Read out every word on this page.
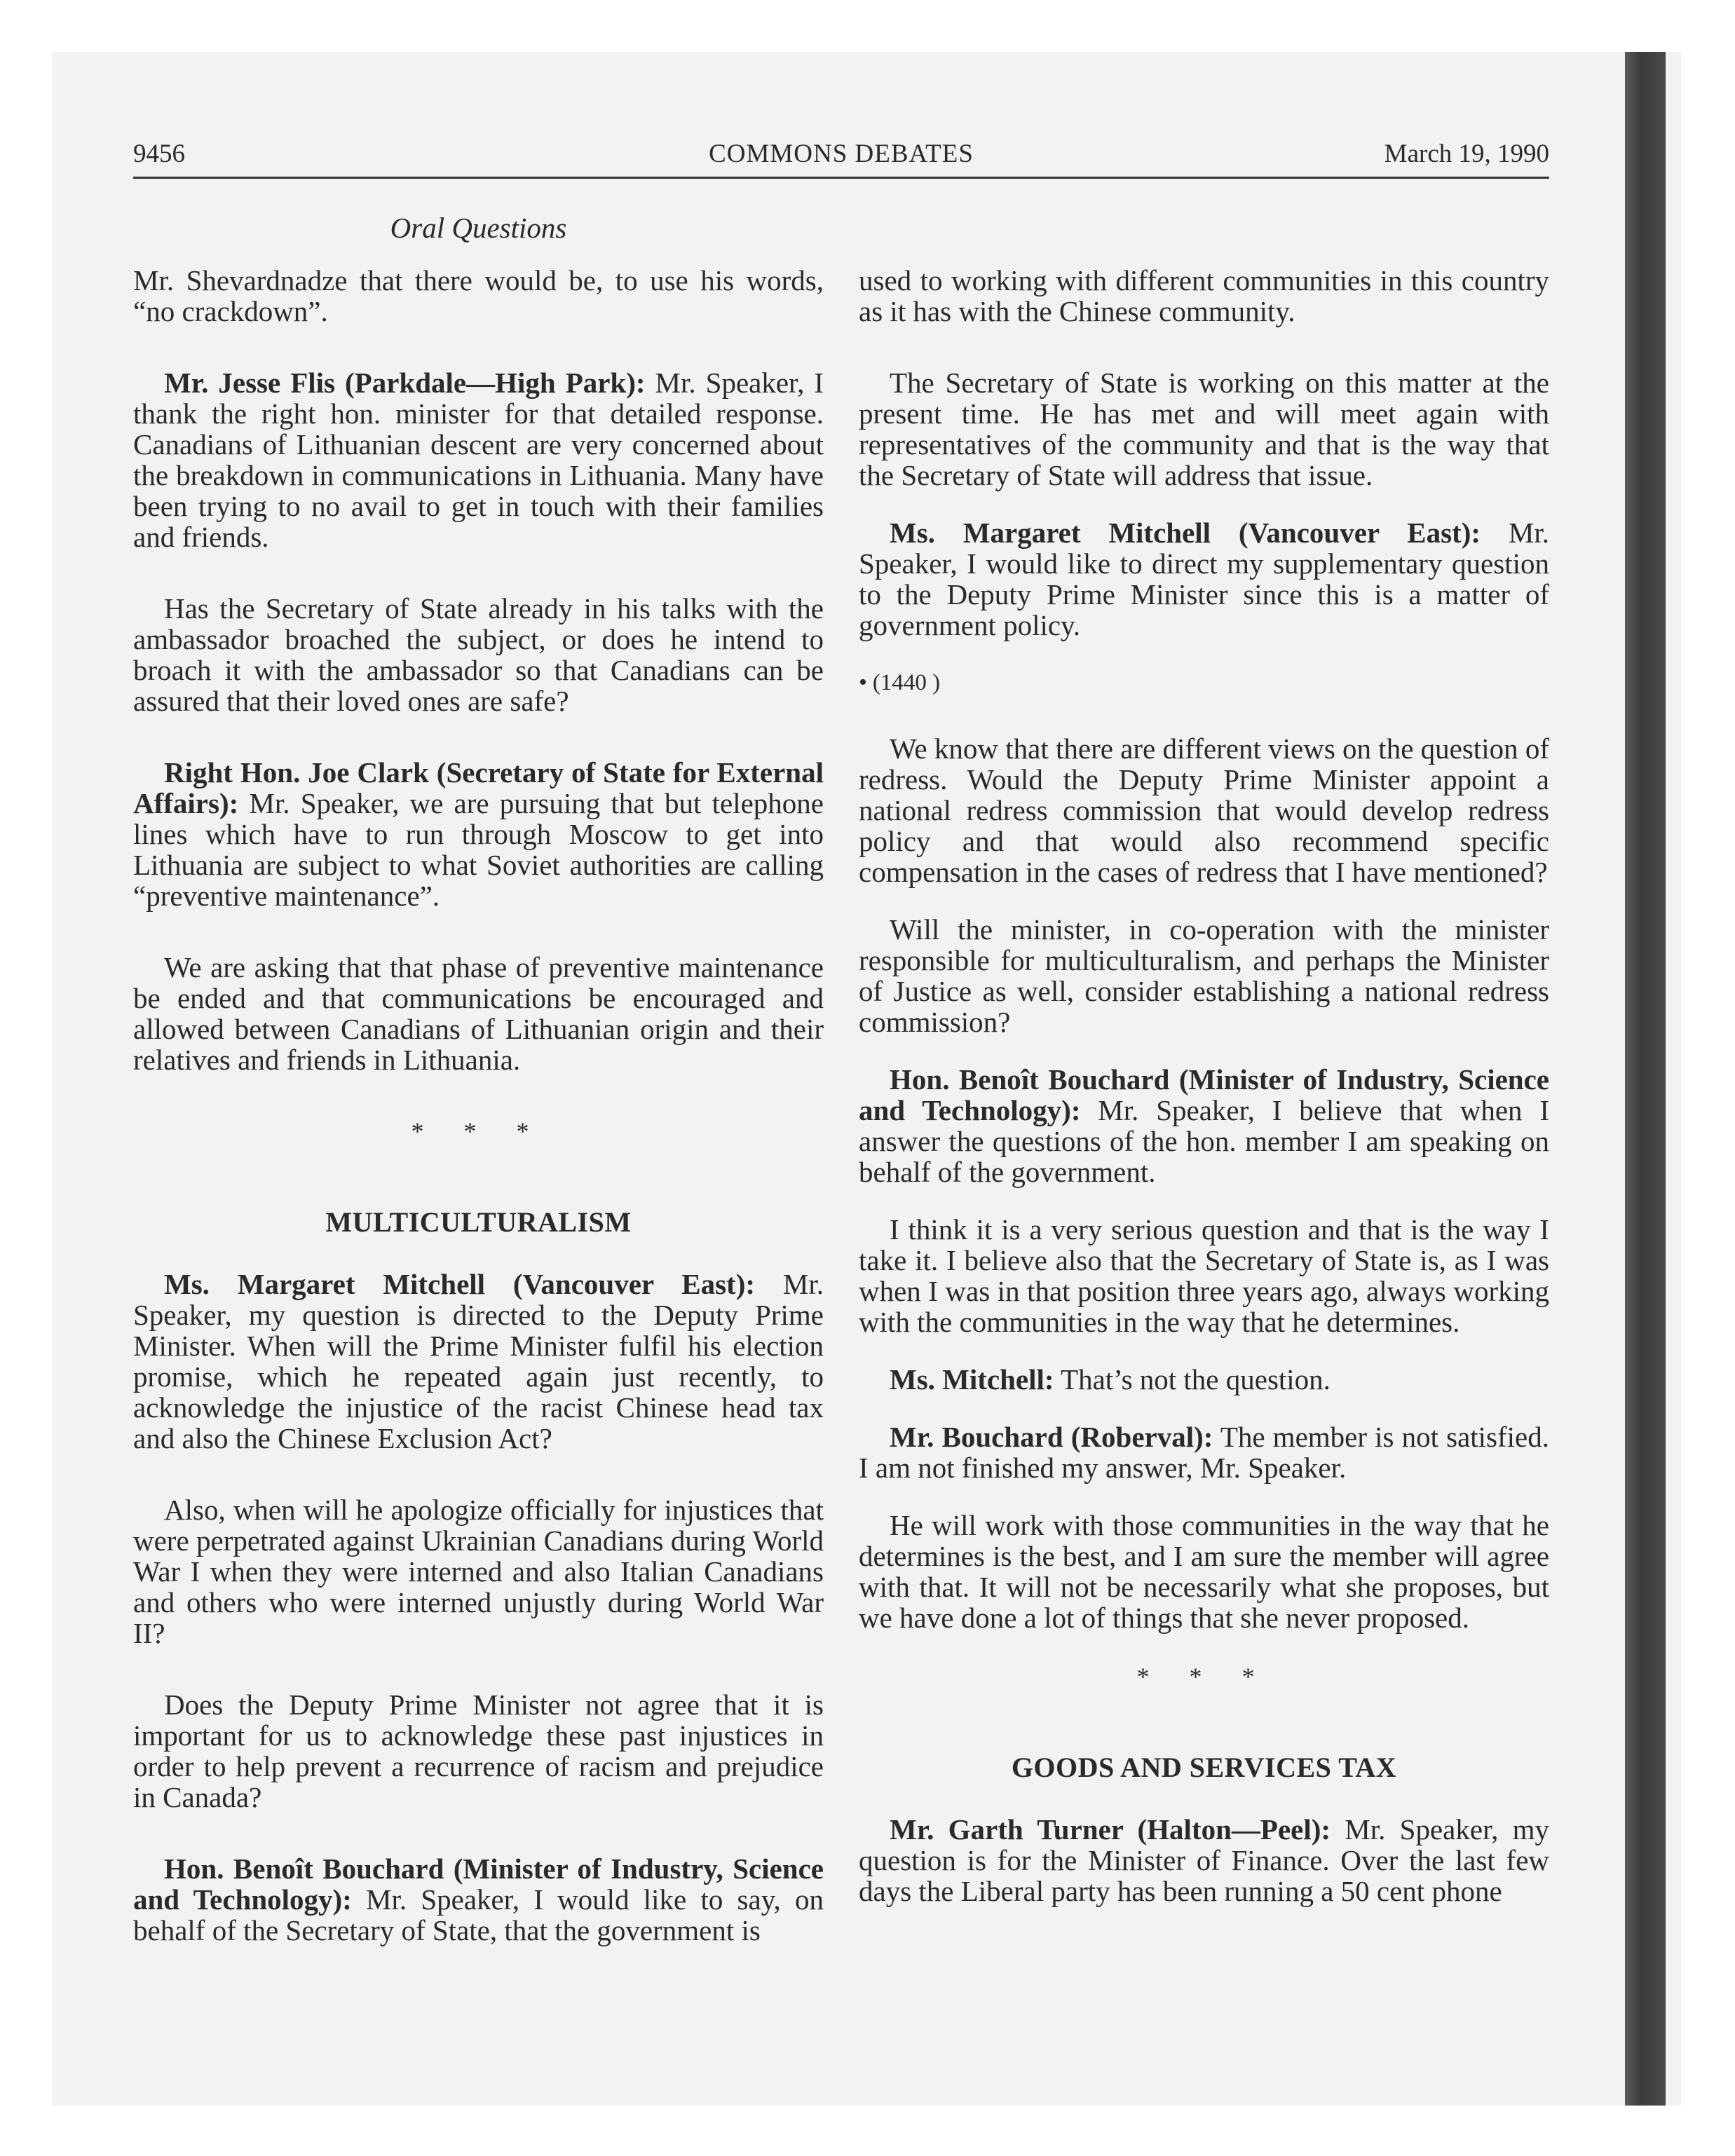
9456	COMMONS DEBATES	March 19, 1990
Oral Questions

Mr. Shevardnadze that there would be, to use his words, “no crackdown”.

Mr. Jesse Flis (Parkdale—High Park): Mr. Speaker, I thank the right hon. minister for that detailed response. Canadians of Lithuanian descent are very concerned about the breakdown in communications in Lithuania. Many have been trying to no avail to get in touch with their families and friends.

Has the Secretary of State already in his talks with the ambassador broached the subject, or does he intend to broach it with the ambassador so that Canadians can be assured that their loved ones are safe?

Right Hon. Joe Clark (Secretary of State for External Affairs): Mr. Speaker, we are pursuing that but telephone lines which have to run through Moscow to get into Lithuania are subject to what Soviet authorities are calling “preventive maintenance”.

We are asking that that phase of preventive maintenance be ended and that communications be encouraged and allowed between Canadians of Lithuanian origin and their relatives and friends in Lithuania.

* * *
MULTICULTURALISM

Ms. Margaret Mitchell (Vancouver East): Mr. Speaker, my question is directed to the Deputy Prime Minister. When will the Prime Minister fulfil his election promise, which he repeated again just recently, to acknowledge the injustice of the racist Chinese head tax and also the Chinese Exclusion Act?

Also, when will he apologize officially for injustices that were perpetrated against Ukrainian Canadians during World War I when they were interned and also Italian Canadians and others who were interned unjustly during World War II?

Does the Deputy Prime Minister not agree that it is important for us to acknowledge these past injustices in order to help prevent a recurrence of racism and prejudice in Canada?

Hon. Benoît Bouchard (Minister of Industry, Science and Technology): Mr. Speaker, I would like to say, on behalf of the Secretary of State, that the government is

used to working with different communities in this country as it has with the Chinese community.

The Secretary of State is working on this matter at the present time. He has met and will meet again with representatives of the community and that is the way that the Secretary of State will address that issue.

Ms. Margaret Mitchell (Vancouver East): Mr. Speaker, I would like to direct my supplementary question to the Deputy Prime Minister since this is a matter of government policy.

• (1440 )

We know that there are different views on the question of redress. Would the Deputy Prime Minister appoint a national redress commission that would develop redress policy and that would also recommend specific compensation in the cases of redress that I have mentioned?

Will the minister, in co-operation with the minister responsible for multiculturalism, and perhaps the Minister of Justice as well, consider establishing a national redress commission?

Hon. Benoît Bouchard (Minister of Industry, Science and Technology): Mr. Speaker, I believe that when I answer the questions of the hon. member I am speaking on behalf of the government.

I think it is a very serious question and that is the way I take it. I believe also that the Secretary of State is, as I was when I was in that position three years ago, always working with the communities in the way that he determines.

Ms. Mitchell: That’s not the question.

Mr. Bouchard (Roberval): The member is not satisfied. I am not finished my answer, Mr. Speaker.

He will work with those communities in the way that he determines is the best, and I am sure the member will agree with that. It will not be necessarily what she proposes, but we have done a lot of things that she never proposed.

* * *
GOODS AND SERVICES TAX

Mr. Garth Turner (Halton—Peel): Mr. Speaker, my question is for the Minister of Finance. Over the last few days the Liberal party has been running a 50 cent phone
